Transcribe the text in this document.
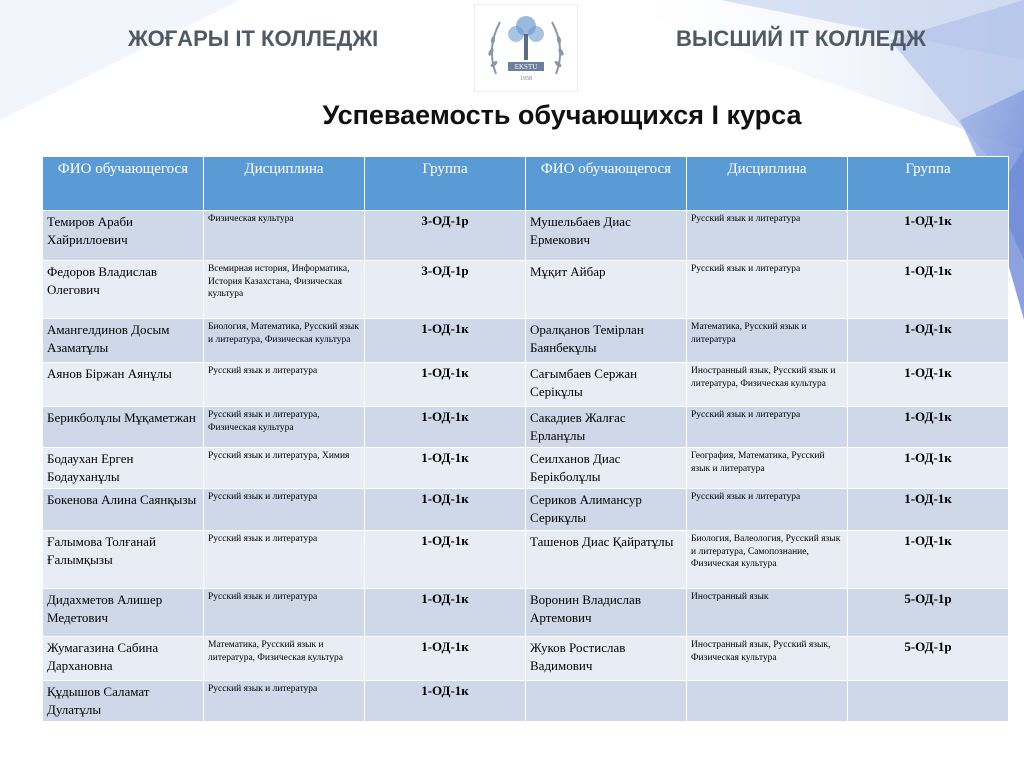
ЖОҒАРЫ IT КОЛЛЕДЖІ	ВЫСШИЙ IT КОЛЛЕДЖ
EKSTU
1958
Успеваемость обучающихся I курса
ФИО обучающегося	Дисциплина	Группа	ФИО обучающегося	Дисциплина	Группа
Темиров Араби Хайриллоевич	Физическая культура	3-ОД-1р	Мушельбаев Диас Ермекович	Русский язык и литература	1-ОД-1к
Федоров Владислав Олегович	Всемирная история, Информатика, История Казахстана, Физическая культура	3-ОД-1р	Мұқит Айбар	Русский язык и литература	1-ОД-1к
Амангелдинов Досым Азаматұлы	Биология, Математика, Русский язык и литература, Физическая культура	1-ОД-1к	Оралқанов Темірлан Баянбекұлы	Математика, Русский язык и литература	1-ОД-1к
Аянов Біржан Аянұлы	Русский язык и литература	1-ОД-1к	Сағымбаев Сержан Серікұлы	Иностранный язык, Русский язык и литература, Физическая культура	1-ОД-1к
Берикболұлы Мұқаметжан	Русский язык и литература, Физическая культура	1-ОД-1к	Сакадиев Жалғас Ерланұлы	Русский язык и литература	1-ОД-1к
Бодаухан Ерген Бодауханұлы	Русский язык и литература, Химия	1-ОД-1к	Сеилханов Диас Берікболұлы	География, Математика, Русский язык и литература	1-ОД-1к
Бокенова Алина Саянқызы	Русский язык и литература	1-ОД-1к	Сериков Алимансур Серикұлы	Русский язык и литература	1-ОД-1к
Ғалымова Толғанай Ғалымқызы	Русский язык и литература	1-ОД-1к	Ташенов Диас Қайратұлы	Биология, Валеология, Русский язык и литература, Самопознание, Физическая культура	1-ОД-1к
Дидахметов Алишер Медетович	Русский язык и литература	1-ОД-1к	Воронин Владислав Артемович	Иностранный язык	5-ОД-1р
Жумагазина Сабина Дархановна	Математика, Русский язык и литература, Физическая культура	1-ОД-1к	Жуков Ростислав Вадимович	Иностранный язык, Русский язык, Физическая культура	5-ОД-1р
Құдышов Саламат Дулатұлы	Русский язык и литература	1-ОД-1к			
